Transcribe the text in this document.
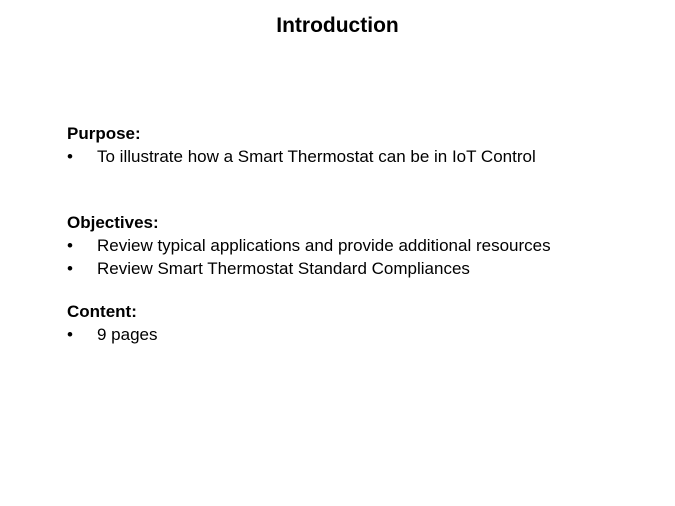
Introduction
Purpose:
•	To illustrate how a Smart Thermostat can be in IoT Control
Objectives:
•	Review typical applications and provide additional resources
•	Review Smart Thermostat Standard Compliances
Content:
•	9 pages
